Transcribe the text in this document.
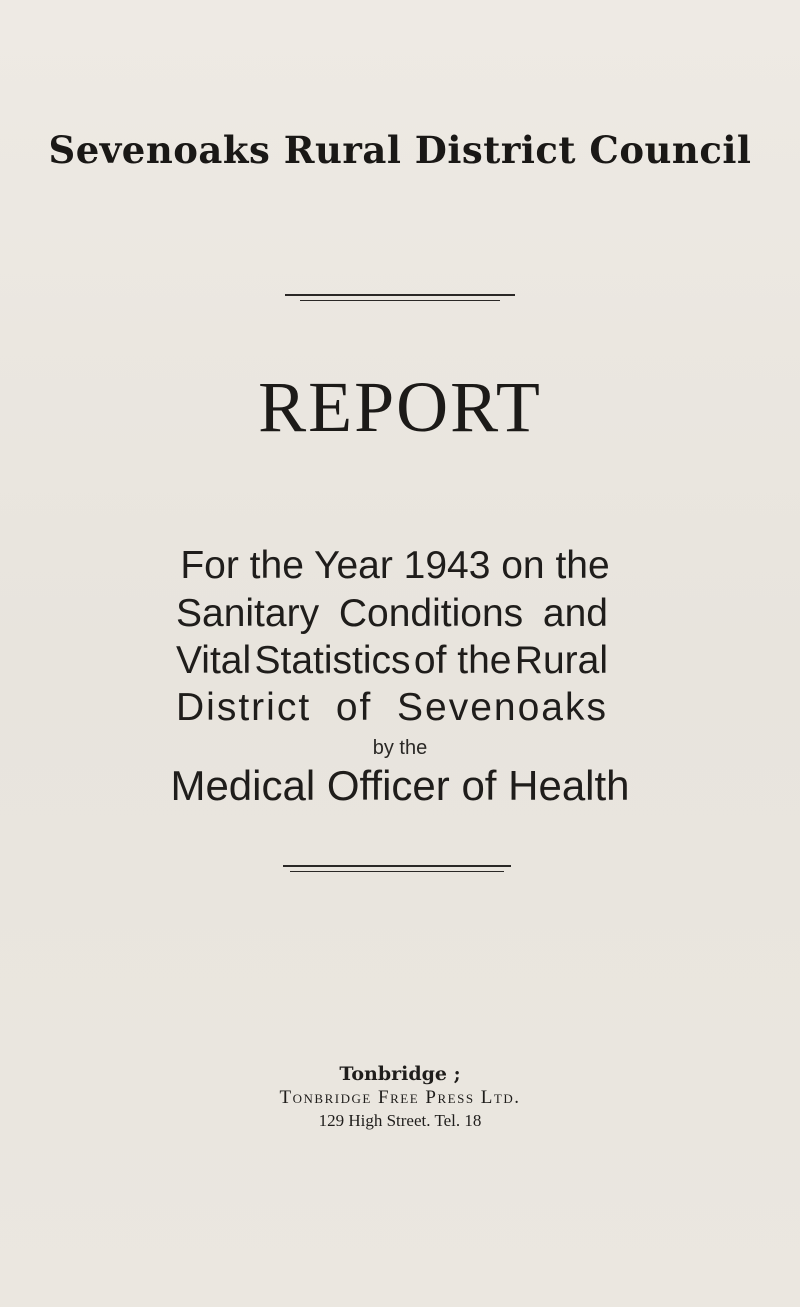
Sevenoaks Rural District Council
REPORT
For the Year 1943 on the
Sanitary Conditions and
Vital Statistics of the Rural
District of Sevenoaks
by the
Medical Officer of Health
Tonbridge ;
Tonbridge Free Press Ltd.
129 High Street. Tel. 18
